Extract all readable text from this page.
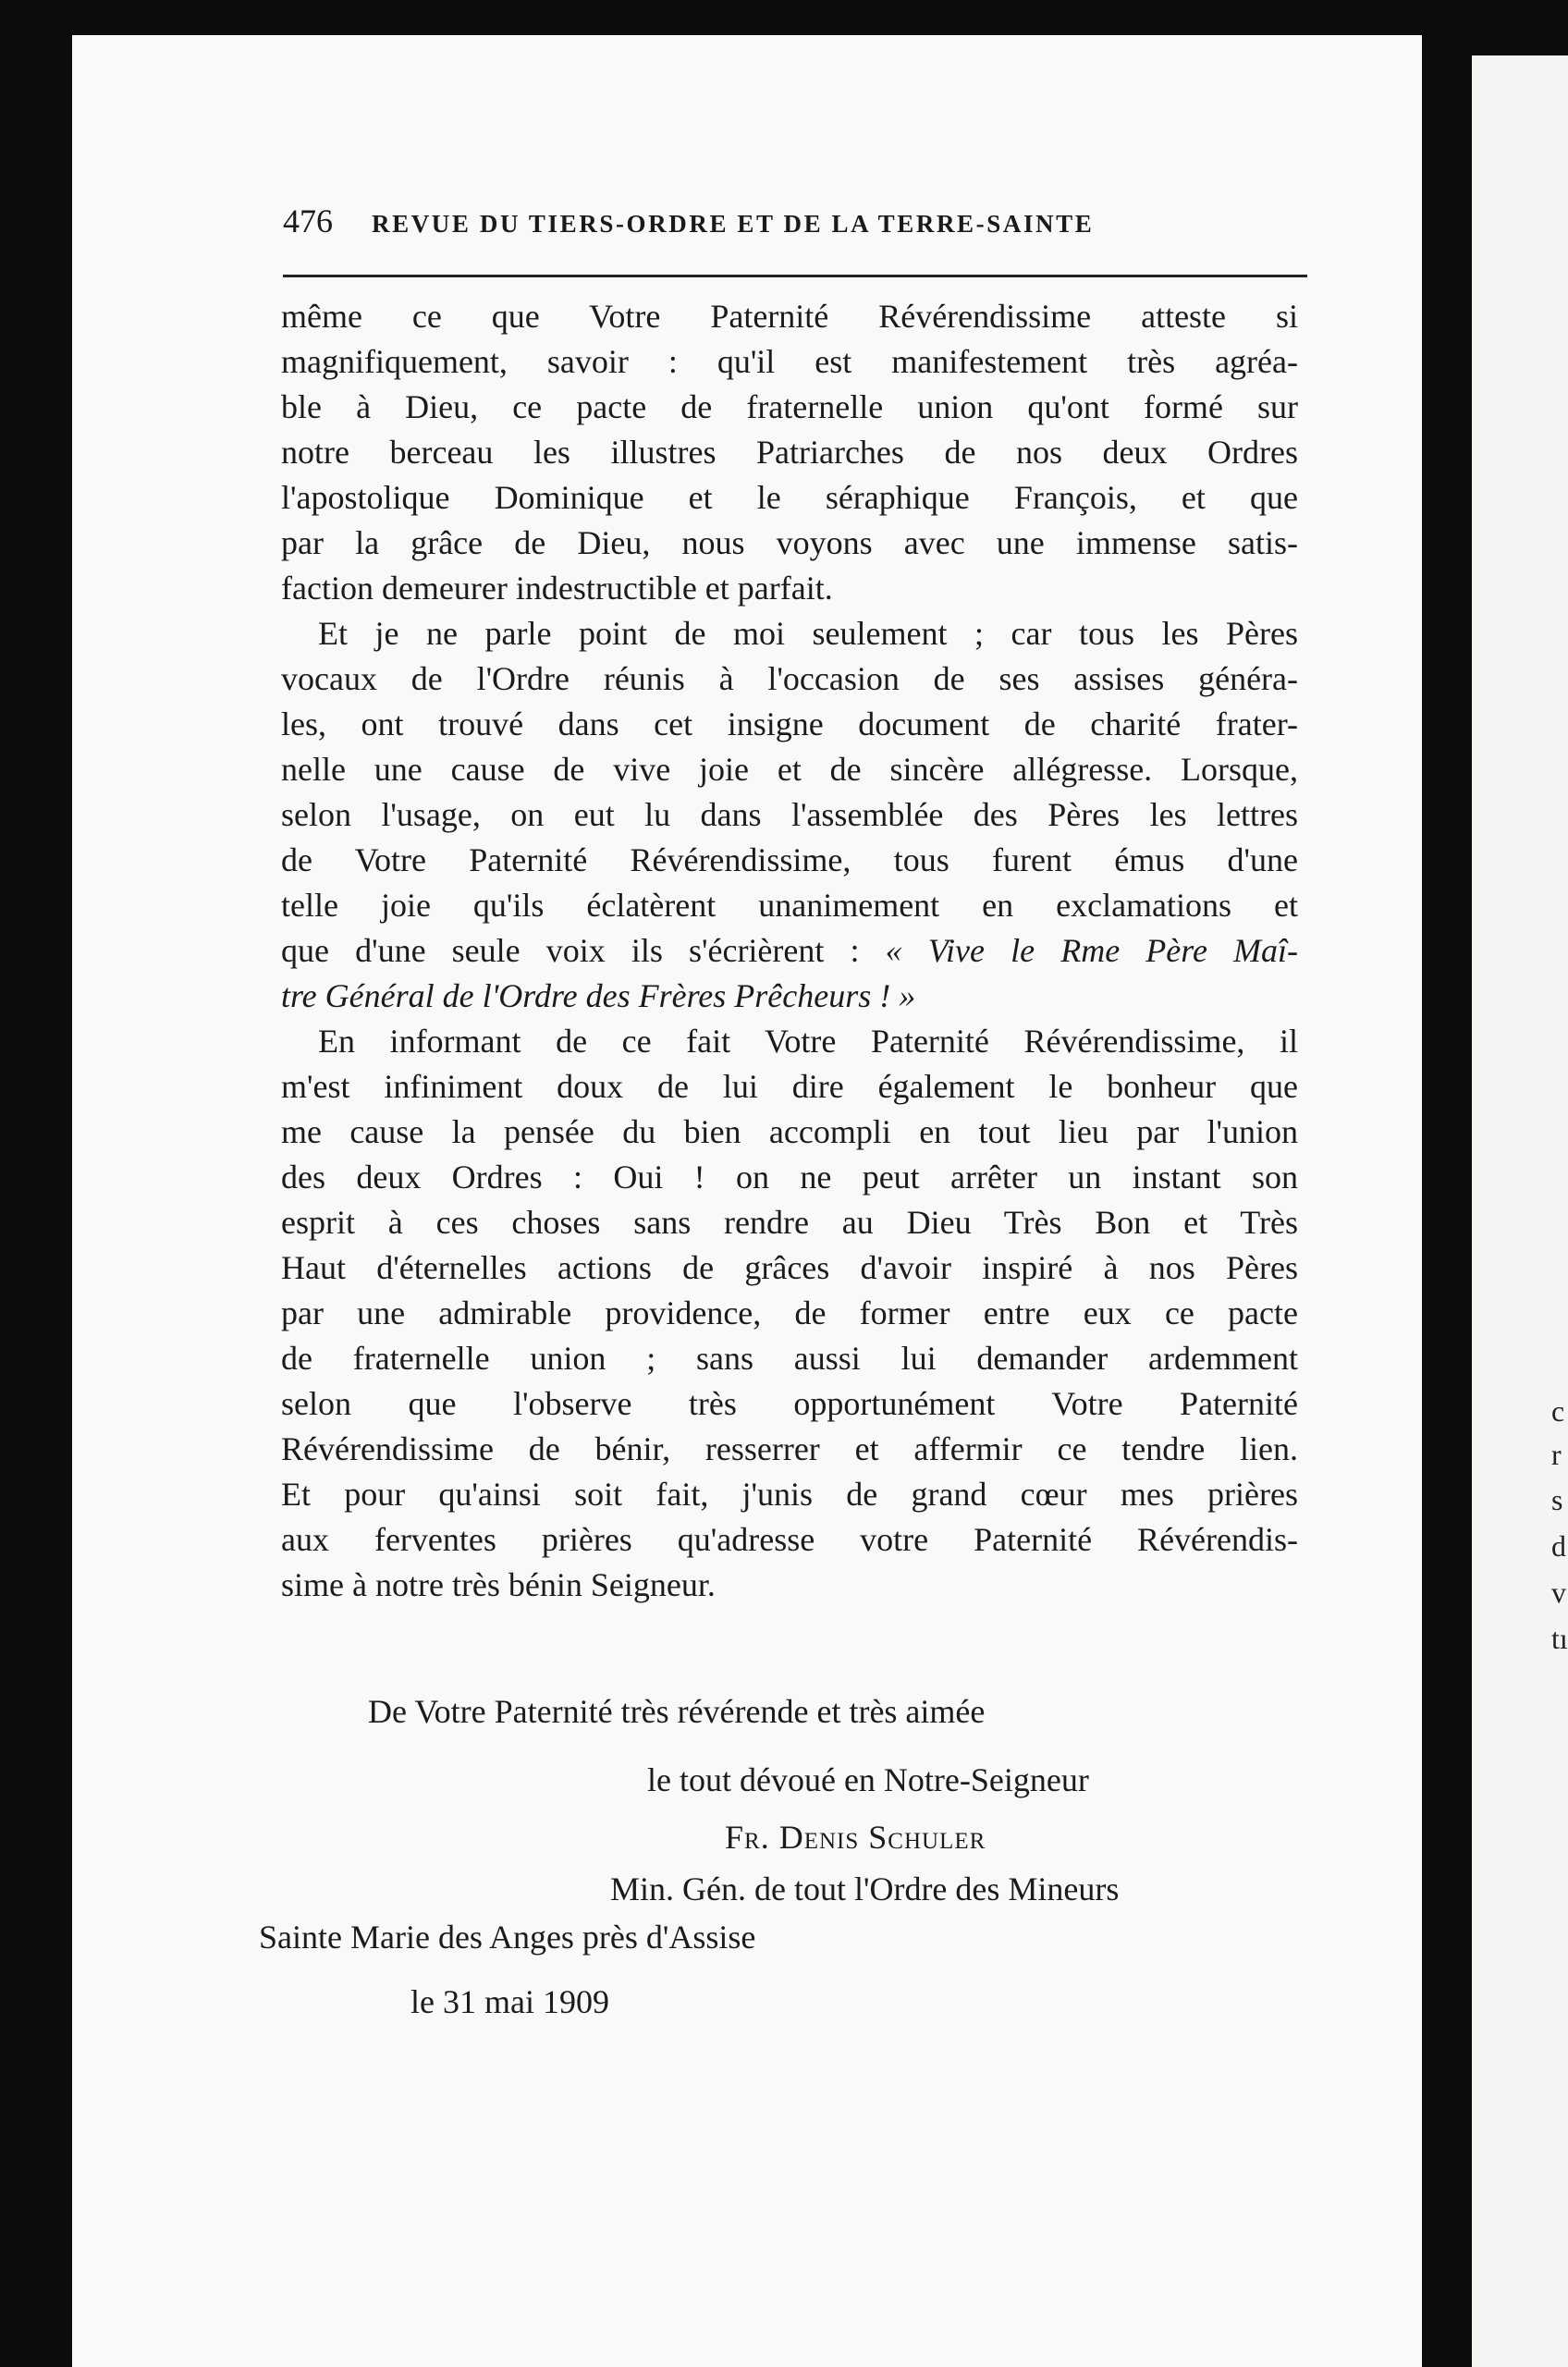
c
r
s
d
v
tı
476 REVUE DU TIERS-ORDRE ET DE LA TERRE-SAINTE
même ce que Votre Paternité Révérendissime atteste si
magnifiquement, savoir : qu'il est manifestement très agréa-
ble à Dieu, ce pacte de fraternelle union qu'ont formé sur
notre berceau les illustres Patriarches de nos deux Ordres
l'apostolique Dominique et le séraphique François, et que
par la grâce de Dieu, nous voyons avec une immense satis-
faction demeurer indestructible et parfait.
Et je ne parle point de moi seulement ; car tous les Pères
vocaux de l'Ordre réunis à l'occasion de ses assises généra-
les, ont trouvé dans cet insigne document de charité frater-
nelle une cause de vive joie et de sincère allégresse. Lorsque,
selon l'usage, on eut lu dans l'assemblée des Pères les lettres
de Votre Paternité Révérendissime, tous furent émus d'une
telle joie qu'ils éclatèrent unanimement en exclamations et
que d'une seule voix ils s'écrièrent : « Vive le Rme Père Maî-
tre Général de l'Ordre des Frères Prêcheurs ! »
En informant de ce fait Votre Paternité Révérendissime, il
m'est infiniment doux de lui dire également le bonheur que
me cause la pensée du bien accompli en tout lieu par l'union
des deux Ordres : Oui ! on ne peut arrêter un instant son
esprit à ces choses sans rendre au Dieu Très Bon et Très
Haut d'éternelles actions de grâces d'avoir inspiré à nos Pères
par une admirable providence, de former entre eux ce pacte
de fraternelle union ; sans aussi lui demander ardemment
selon que l'observe très opportunément Votre Paternité
Révérendissime de bénir, resserrer et affermir ce tendre lien.
Et pour qu'ainsi soit fait, j'unis de grand cœur mes prières
aux ferventes prières qu'adresse votre Paternité Révérendis-
sime à notre très bénin Seigneur.
De Votre Paternité très révérende et très aimée
le tout dévoué en Notre-Seigneur
Fr. Denis Schuler
Min. Gén. de tout l'Ordre des Mineurs
Sainte Marie des Anges près d'Assise
le 31 mai 1909
